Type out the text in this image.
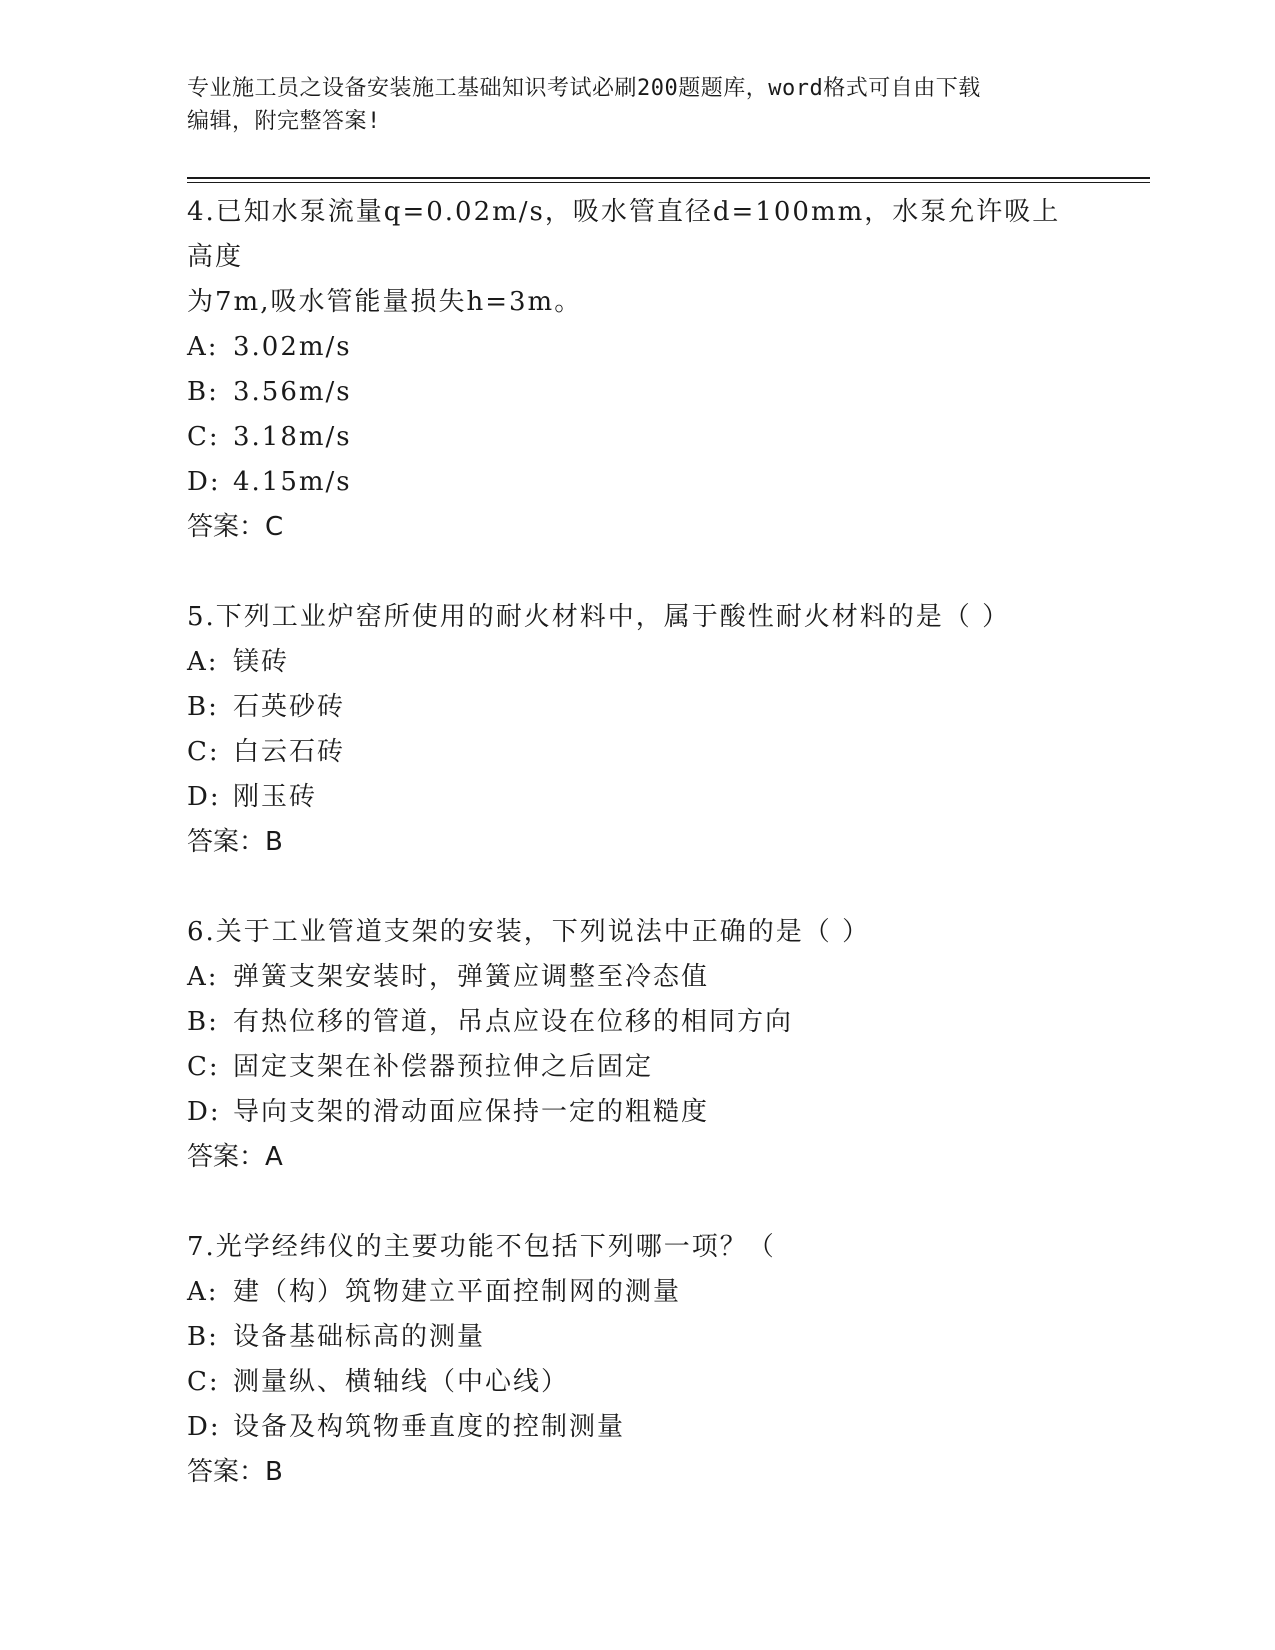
专业施工员之设备安装施工基础知识考试必刷200题题库，word格式可自由下载
编辑，附完整答案!

4.已知水泵流量q=0.02m/s，吸水管直径d=100mm，水泵允许吸上高度

为7m,吸水管能量损失h=3m。

A: 3.02m/s

B: 3.56m/s

C: 3.18m/s

D: 4.15m/s

答案：C

5.下列工业炉窑所使用的耐火材料中，属于酸性耐火材料的是（ ）

A: 镁砖

B: 石英砂砖

C: 白云石砖

D: 刚玉砖

答案：B

6.关于工业管道支架的安装，下列说法中正确的是（ ）

A: 弹簧支架安装时，弹簧应调整至冷态值

B: 有热位移的管道，吊点应设在位移的相同方向

C: 固定支架在补偿器预拉伸之后固定

D: 导向支架的滑动面应保持一定的粗糙度

答案：A

7.光学经纬仪的主要功能不包括下列哪一项？（

A: 建（构）筑物建立平面控制网的测量

B: 设备基础标高的测量

C: 测量纵、横轴线（中心线）

D: 设备及构筑物垂直度的控制测量

答案：B
